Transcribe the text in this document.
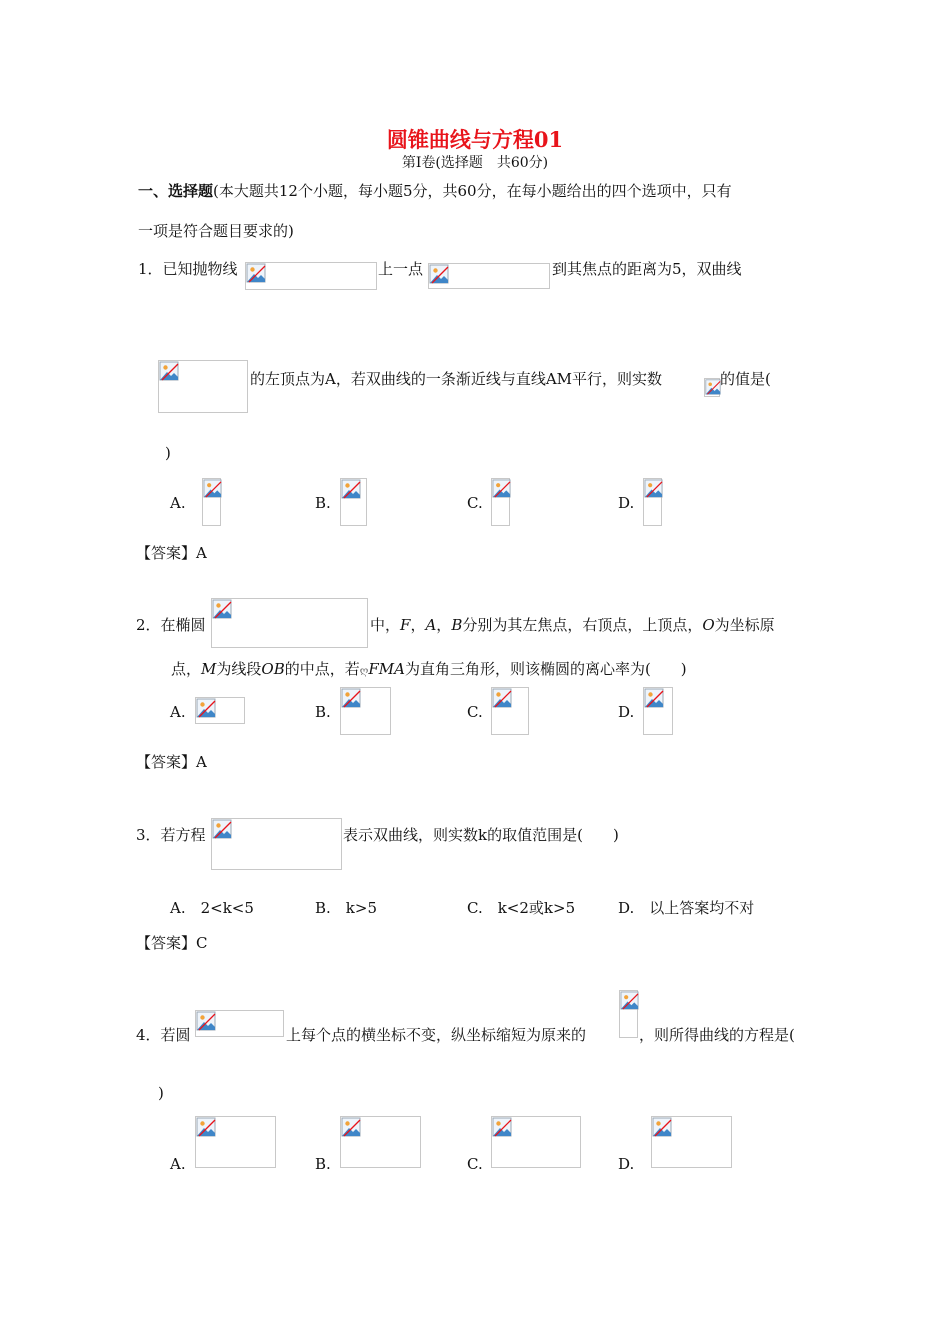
圆锥曲线与方程01
第Ⅰ卷(选择题　共60分)
一、选择题(本大题共12个小题，每小题5分，共60分，在每小题给出的四个选项中，只有
一项是符合题目要求的)
1．已知抛物线	上一点	到其焦点的距离为5，双曲线
的左顶点为A，若双曲线的一条渐近线与直线AM平行，则实数	的值是(
)
A.	B.	C.	D.
【答案】A
2．在椭圆	中，F，A，B分别为其左焦点，右顶点，上顶点，O为坐标原
点，M为线段OB的中点，若ღFMA为直角三角形，则该椭圆的离心率为(　　)
A.	B.	C.	D.
【答案】A
3．若方程	表示双曲线，则实数k的取值范围是(　　)
A.　2<k<5	B.　k>5	C.　k<2或k>5	D.　以上答案均不对
【答案】C
4．若圆	上每个点的横坐标不变，纵坐标缩短为原来的	，则所得曲线的方程是(
)
A.	B.	C.	D.
